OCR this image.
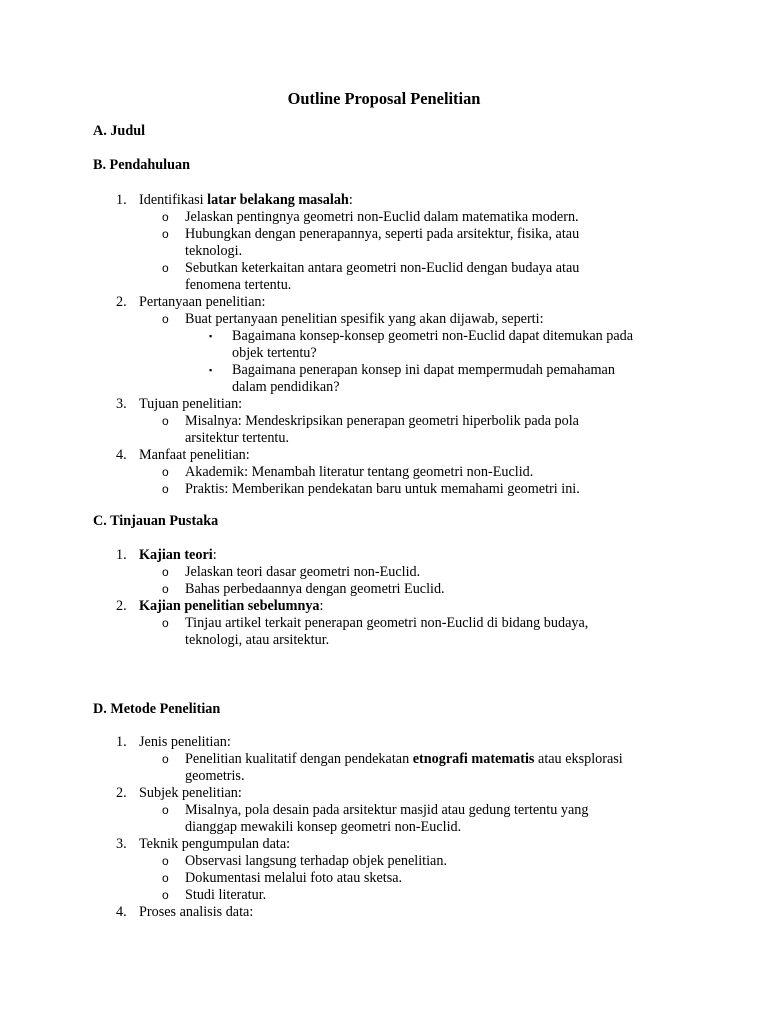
Outline Proposal Penelitian
A. Judul
B. Pendahuluan
1. Identifikasi latar belakang masalah:
o	Jelaskan pentingnya geometri non-Euclid dalam matematika modern.
o	Hubungkan dengan penerapannya, seperti pada arsitektur, fisika, atau
teknologi.
o	Sebutkan keterkaitan antara geometri non-Euclid dengan budaya atau
fenomena tertentu.
2. Pertanyaan penelitian:
o	Buat pertanyaan penelitian spesifik yang akan dijawab, seperti:
▪	Bagaimana konsep-konsep geometri non-Euclid dapat ditemukan pada
objek tertentu?
▪	Bagaimana penerapan konsep ini dapat mempermudah pemahaman
dalam pendidikan?
3. Tujuan penelitian:
o	Misalnya: Mendeskripsikan penerapan geometri hiperbolik pada pola
arsitektur tertentu.
4. Manfaat penelitian:
o	Akademik: Menambah literatur tentang geometri non-Euclid.
o	Praktis: Memberikan pendekatan baru untuk memahami geometri ini.
C. Tinjauan Pustaka
1. Kajian teori:
o	Jelaskan teori dasar geometri non-Euclid.
o	Bahas perbedaannya dengan geometri Euclid.
2. Kajian penelitian sebelumnya:
o	Tinjau artikel terkait penerapan geometri non-Euclid di bidang budaya,
teknologi, atau arsitektur.
D. Metode Penelitian
1. Jenis penelitian:
o	Penelitian kualitatif dengan pendekatan etnografi matematis atau eksplorasi
geometris.
2. Subjek penelitian:
o	Misalnya, pola desain pada arsitektur masjid atau gedung tertentu yang
dianggap mewakili konsep geometri non-Euclid.
3. Teknik pengumpulan data:
o	Observasi langsung terhadap objek penelitian.
o	Dokumentasi melalui foto atau sketsa.
o	Studi literatur.
4. Proses analisis data:
